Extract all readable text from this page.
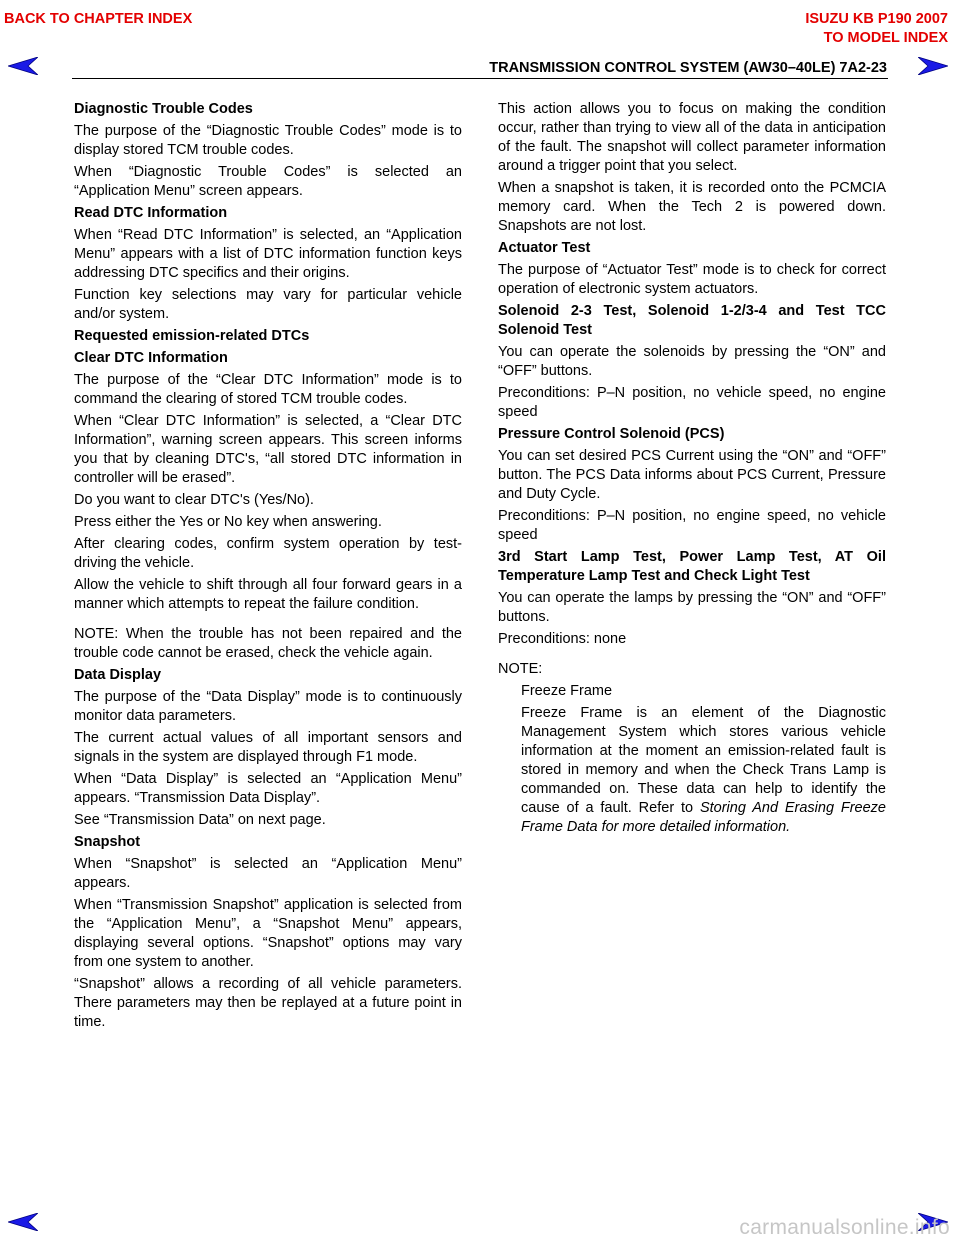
BACK TO CHAPTER INDEX	ISUZU KB P190 2007
TO MODEL INDEX
TRANSMISSION CONTROL SYSTEM (AW30–40LE) 7A2-23
Diagnostic Trouble Codes

The purpose of the “Diagnostic Trouble Codes” mode is to display stored TCM trouble codes.

When “Diagnostic Trouble Codes” is selected an “Application Menu” screen appears.

Read DTC Information

When “Read DTC Information” is selected, an “Application Menu” appears with a list of DTC information function keys addressing DTC specifics and their origins.

Function key selections may vary for particular vehicle and/or system.

Requested emission-related DTCs
Clear DTC Information

The purpose of the “Clear DTC Information” mode is to command the clearing of stored TCM trouble codes.

When “Clear DTC Information” is selected, a “Clear DTC Information”, warning screen appears. This screen informs you that by cleaning DTC's, “all stored DTC information in controller will be erased”.

Do you want to clear DTC's (Yes/No).

Press either the Yes or No key when answering.

After clearing codes, confirm system operation by test-driving the vehicle.

Allow the vehicle to shift through all four forward gears in a manner which attempts to repeat the failure condition.

NOTE: When the trouble has not been repaired and the trouble code cannot be erased, check the vehicle again.

Data Display

The purpose of the “Data Display” mode is to continuously monitor data parameters.

The current actual values of all important sensors and signals in the system are displayed through F1 mode.

When “Data Display” is selected an “Application Menu” appears. “Transmission Data Display”.

See “Transmission Data” on next page.

Snapshot

When “Snapshot” is selected an “Application Menu” appears.

When “Transmission Snapshot” application is selected from the “Application Menu”, a “Snapshot Menu” appears, displaying several options. “Snapshot” options may vary from one system to another.

“Snapshot” allows a recording of all vehicle parameters. There parameters may then be replayed at a future point in time.

This action allows you to focus on making the condition occur, rather than trying to view all of the data in anticipation of the fault. The snapshot will collect parameter information around a trigger point that you select.

When a snapshot is taken, it is recorded onto the PCMCIA memory card. When the Tech 2 is powered down. Snapshots are not lost.

Actuator Test

The purpose of “Actuator Test” mode is to check for correct operation of electronic system actuators.

Solenoid 2-3 Test, Solenoid 1-2/3-4 and Test TCC Solenoid Test

You can operate the solenoids by pressing the “ON” and “OFF” buttons.

Preconditions: P–N position, no vehicle speed, no engine speed

Pressure Control Solenoid (PCS)

You can set desired PCS Current using the “ON” and “OFF” button. The PCS Data informs about PCS Current, Pressure and Duty Cycle.

Preconditions: P–N position, no engine speed, no vehicle speed

3rd Start Lamp Test, Power Lamp Test, AT Oil Temperature Lamp Test and Check Light Test

You can operate the lamps by pressing the “ON” and “OFF” buttons.

Preconditions: none

NOTE:

Freeze Frame

Freeze Frame is an element of the Diagnostic Management System which stores various vehicle information at the moment an emission-related fault is stored in memory and when the Check Trans Lamp is commanded on. These data can help to identify the cause of a fault. Refer to Storing And Erasing Freeze Frame Data for more detailed information.

carmanualsonline.info
